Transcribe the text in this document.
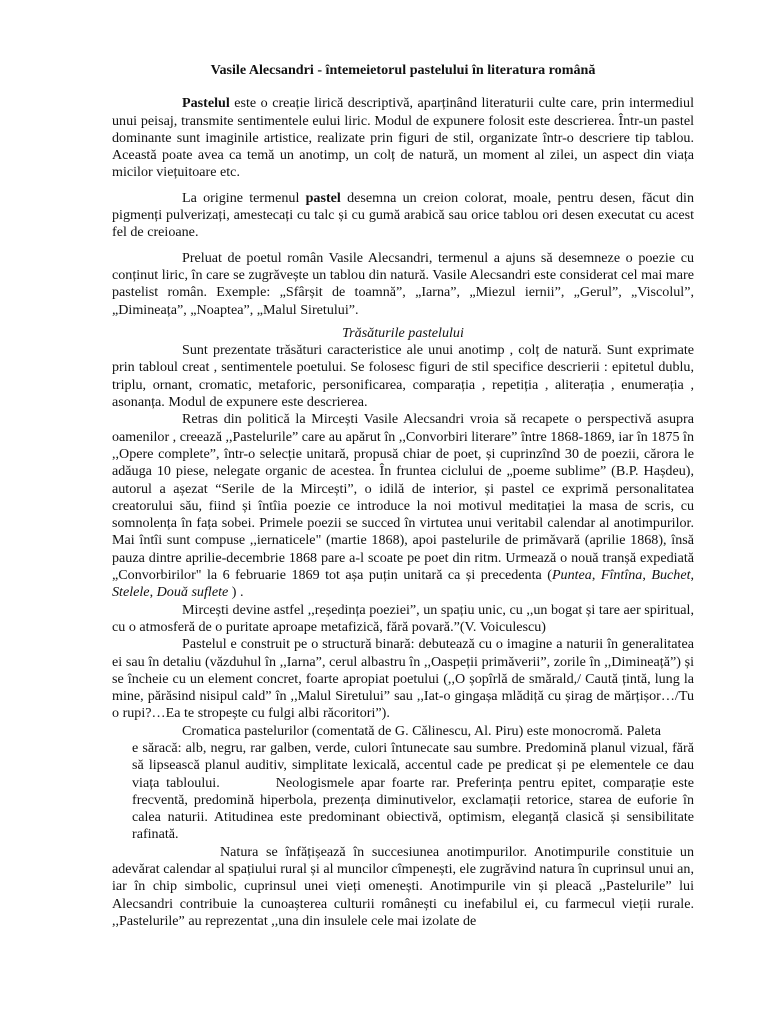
Vasile Alecsandri - întemeietorul pastelului în literatura română

Pastelul este o creație lirică descriptivă, aparținând literaturii culte care, prin intermediul unui peisaj, transmite sentimentele eului liric. Modul de expunere folosit este descrierea. Într-un pastel dominante sunt imaginile artistice, realizate prin figuri de stil, organizate într-o descriere tip tablou. Această poate avea ca temă un anotimp, un colț de natură, un moment al zilei, un aspect din viața micilor viețuitoare etc.

La origine termenul pastel desemna un creion colorat, moale, pentru desen, făcut din pigmenți pulverizați, amestecați cu talc și cu gumă arabică sau orice tablou ori desen executat cu acest fel de creioane.

Preluat de poetul român Vasile Alecsandri, termenul a ajuns să desemneze o poezie cu conținut liric, în care se zugrăvește un tablou din natură. Vasile Alecsandri este considerat cel mai mare pastelist român. Exemple: „Sfârșit de toamnă”, „Iarna”, „Miezul iernii”, „Gerul”, „Viscolul”, „Dimineața”, „Noaptea”, „Malul Siretului”.

Trăsăturile pastelului

Sunt prezentate trăsături caracteristice ale unui anotimp , colț de natură. Sunt exprimate prin tabloul creat , sentimentele poetului. Se folosesc figuri de stil specifice descrierii : epitetul dublu, triplu, ornant, cromatic, metaforic, personificarea, comparația , repetiția , aliterația , enumerația , asonanța. Modul de expunere este descrierea.

Retras din politică la Mircești Vasile Alecsandri vroia să recapete o perspectivă asupra oamenilor , creează ,,Pastelurile” care au apărut în ,,Convorbiri literare” între 1868-1869, iar în 1875 în ,,Opere complete”, într-o selecție unitară, propusă chiar de poet, și cuprinzînd 30 de poezii, cărora le adăuga 10 piese, nelegate organic de acestea. În fruntea ciclului de „poeme sublime” (B.P. Hașdeu), autorul a așezat “Serile de la Mircești”, o idilă de interior, și pastel ce exprimă personalitatea creatorului său, fiind și întîia poezie ce introduce la noi motivul meditației la masa de scris, cu somnolența în fața sobei. Primele poezii se succed în virtutea unui veritabil calendar al anotimpurilor. Mai întîi sunt compuse ,,iernaticele" (martie 1868), apoi pastelurile de primăvară (aprilie 1868), însă pauza dintre aprilie-decembrie 1868 pare a-l scoate pe poet din ritm. Urmează o nouă tranșă expediată „Convorbirilor" la 6 februarie 1869 tot așa puțin unitară ca și precedenta (Puntea, Fîntîna, Buchet, Stelele, Două suflete ) .

Mircești devine astfel ,,reședința poeziei”, un spațiu unic, cu ,,un bogat și tare aer spiritual, cu o atmosferă de o puritate aproape metafizică, fără povară.”(V. Voiculescu)

Pastelul e construit pe o structură binară: debutează cu o imagine a naturii în generalitatea ei sau în detaliu (văzduhul în ,,Iarna”, cerul albastru în ,,Oaspeții primăverii”, zorile în ,,Dimineață”) și se încheie cu un element concret, foarte apropiat poetului (,,O șopîrlă de smărald,/ Caută țintă, lung la mine, părăsind nisipul cald” în ,,Malul Siretului” sau ,,Iat-o gingașa mlădiță cu șirag de mărțișor…/Tu o rupi?…Ea te stropește cu fulgi albi răcoritori”).

Cromatica pastelurilor (comentată de G. Călinescu, Al. Piru) este monocromă. Paleta

e săracă: alb, negru, rar galben, verde, culori întunecate sau sumbre. Predomină planul vizual, fără să lipsească planul auditiv, simplitate lexicală, accentul cade pe predicat și pe elementele ce dau viața tabloului.	Neologismele apar foarte rar. Preferința pentru epitet, comparație este frecventă, predomină hiperbola, prezența diminutivelor, exclamații retorice, starea de euforie în calea naturii. Atitudinea este predominant obiectivă, optimism, eleganță clasică și sensibilitate rafinată.

Natura se înfățișează în succesiunea anotimpurilor. Anotimpurile constituie un adevărat calendar al spațiului rural și al muncilor cîmpenești, ele zugrăvind natura în cuprinsul unui an, iar în chip simbolic, cuprinsul unei vieți omenești. Anotimpurile vin și pleacă ,,Pastelurile” lui Alecsandri contribuie la cunoașterea culturii românești cu inefabilul ei, cu farmecul vieții rurale. ,,Pastelurile” au reprezentat ,,una din insulele cele mai izolate de
